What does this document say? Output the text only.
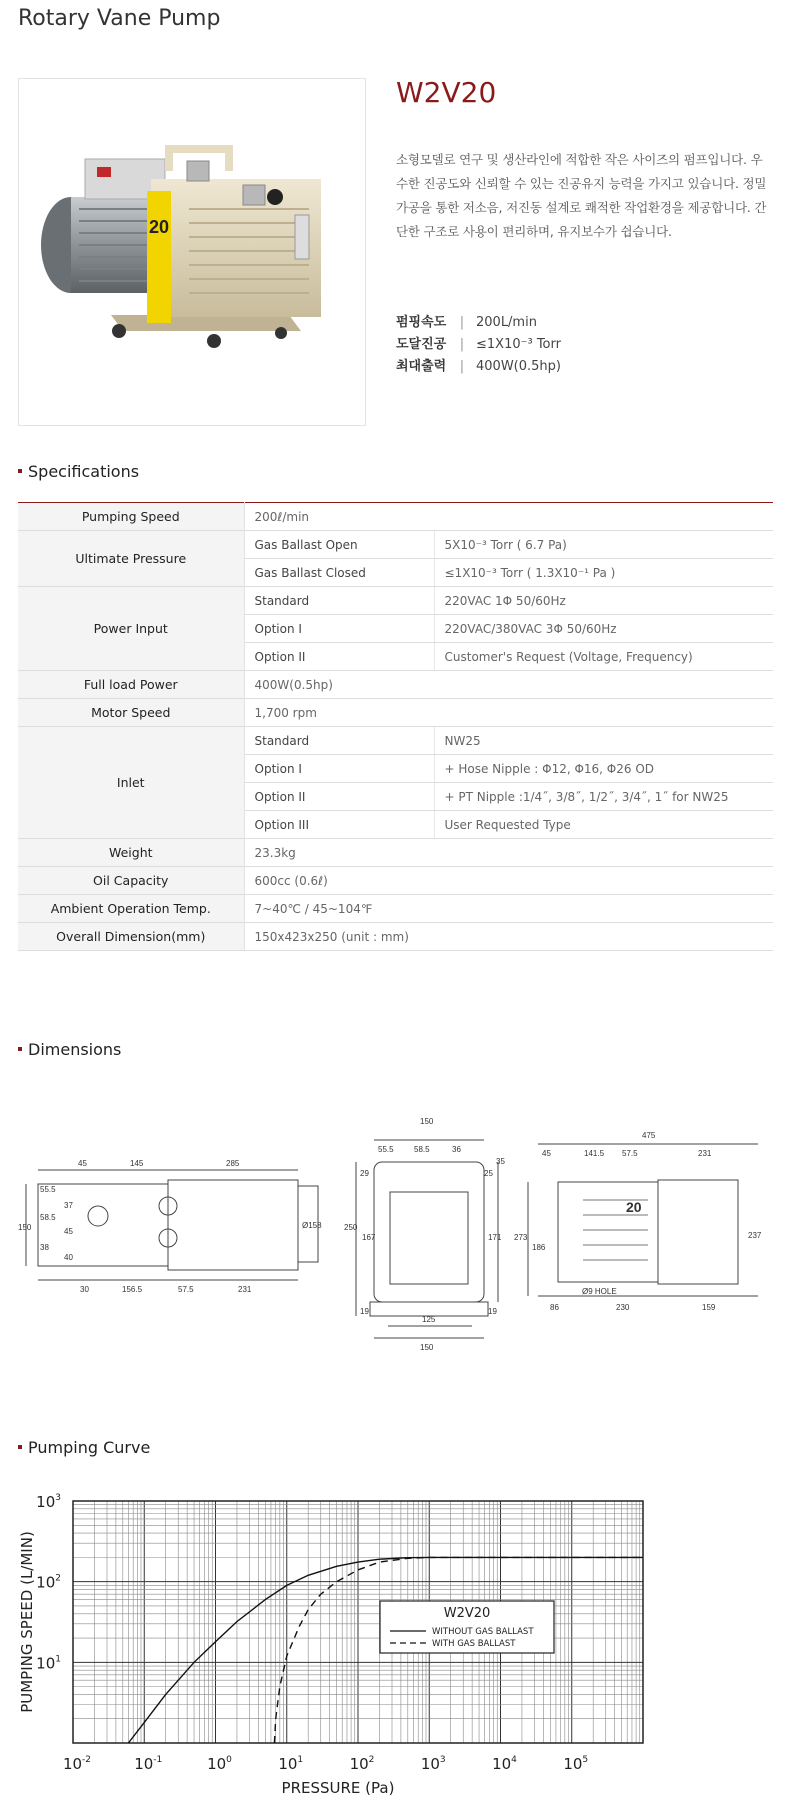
Rotary Vane Pump
20
W2V20

소형모델로 연구 및 생산라인에 적합한 작은 사이즈의 펌프입니다. 우수한 진공도와 신뢰할 수 있는 진공유지 능력을 가지고 있습니다. 정밀가공을 통한 저소음, 저진동 설계로 쾌적한 작업환경을 제공합니다. 간단한 구조로 사용이 편리하며, 유지보수가 쉽습니다.

펌핑속도 | 200L/min
도달진공 | ≤1X10⁻³ Torr
최대출력 | 400W(0.5hp)
Specifications
Pumping Speed	200ℓ/min	
Ultimate Pressure	Gas Ballast Open	5X10⁻³ Torr ( 6.7 Pa)
	Gas Ballast Closed	≤1X10⁻³ Torr ( 1.3X10⁻¹ Pa )
Power Input	Standard	220VAC 1Φ 50/60Hz
	Option I	220VAC/380VAC 3Φ 50/60Hz
	Option II	Customer's Request (Voltage, Frequency)
Full load Power	400W(0.5hp)	
Motor Speed	1,700 rpm	
Inlet	Standard	NW25
	Option I	+ Hose Nipple : Φ12, Φ16, Φ26 OD
	Option II	+ PT Nipple :1/4˝, 3/8˝, 1/2˝, 3/4˝, 1˝ for NW25
	Option III	User Requested Type
Weight	23.3kg	
Oil Capacity	600cc (0.6ℓ)	
Ambient Operation Temp.	7~40℃ / 45~104℉	
Overall Dimension(mm)	150x423x250 (unit : mm)	
Dimensions
20
45	145	285
55.5
37
150
58.5
38
45
40
Ø158
30	156.5	57.5	231
150
55.5	58.5	36
29	25
35
250
167	171
19	19
125
150
475
45	141.5 57.5	231
273
186
237
86	230	159
Ø9 HOLE
Pumping Curve
$10^{-2}$	$10^{-1}$	$10^0$	$10^1$	$10^2$	$10^3$	$10^4$	$10^5$
$10^1$
$10^2$
$10^3$
PRESSURE (Pa)
PUMPING SPEED (L/MIN)	W2V20
WITHOUT GAS BALLAST
WITH GAS BALLAST
